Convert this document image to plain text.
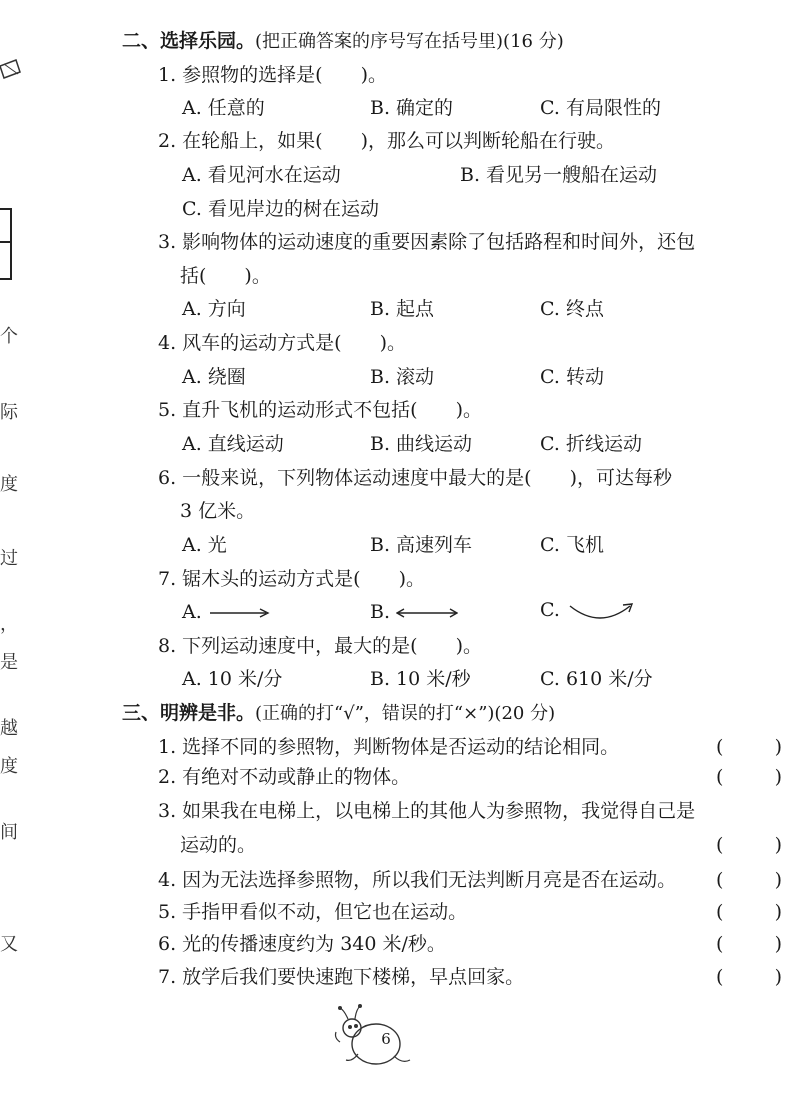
个
际
度
过
，
是
越
度
间
又
二、选择乐园。(把正确答案的序号写在括号里)(16 分)
1. 参照物的选择是(　　)。
A. 任意的	B. 确定的	C. 有局限性的
2. 在轮船上，如果(　　)，那么可以判断轮船在行驶。
A. 看见河水在运动	B. 看见另一艘船在运动
C. 看见岸边的树在运动
3. 影响物体的运动速度的重要因素除了包括路程和时间外，还包
括(　　)。
A. 方向	B. 起点	C. 终点
4. 风车的运动方式是(　　)。
A. 绕圈	B. 滚动	C. 转动
5. 直升飞机的运动形式不包括(　　)。
A. 直线运动	B. 曲线运动	C. 折线运动
6. 一般来说，下列物体运动速度中最大的是(　　)，可达每秒
3 亿米。
A. 光	B. 高速列车	C. 飞机
7. 锯木头的运动方式是(　　)。
A.	B.	C.
8. 下列运动速度中，最大的是(　　)。
A. 10 米/分	B. 10 米/秒	C. 610 米/分
三、明辨是非。(正确的打“√”，错误的打“×”)(20 分)
1. 选择不同的参照物，判断物体是否运动的结论相同。	(	)
2. 有绝对不动或静止的物体。	(	)
3. 如果我在电梯上，以电梯上的其他人为参照物，我觉得自己是
运动的。	(	)
4. 因为无法选择参照物，所以我们无法判断月亮是否在运动。 (	)
5. 手指甲看似不动，但它也在运动。	(	)
6. 光的传播速度约为 340 米/秒。	(	)
7. 放学后我们要快速跑下楼梯，早点回家。	(	)
6
